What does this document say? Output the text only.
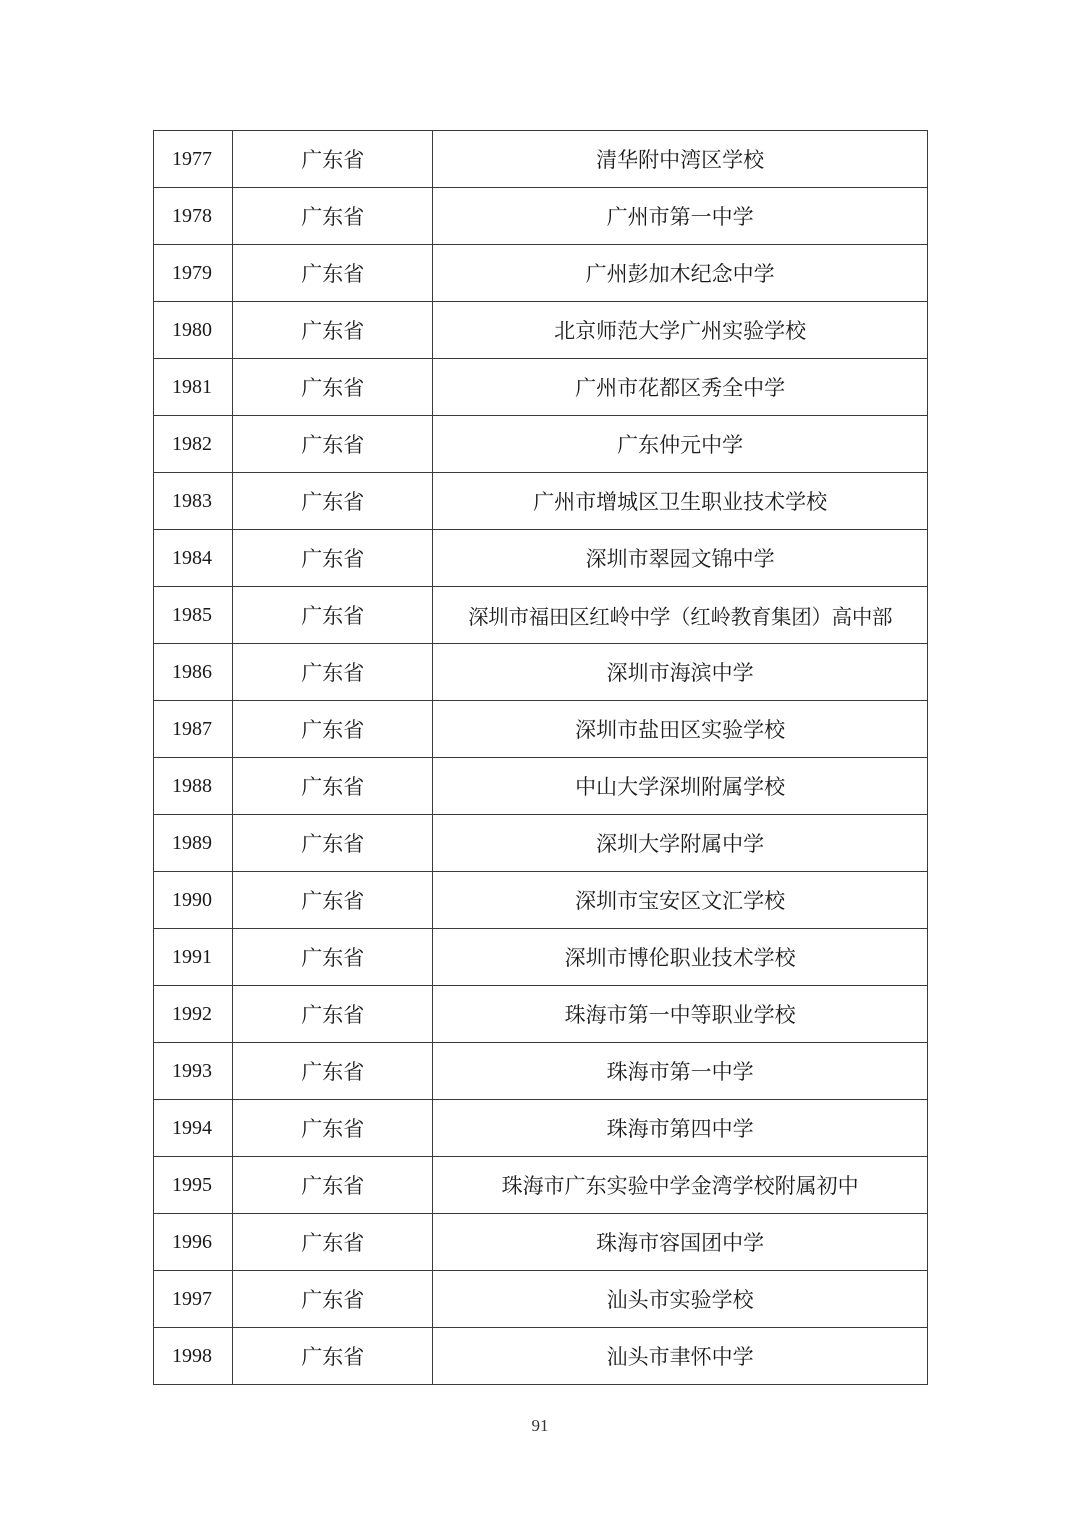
1977	广东省	清华附中湾区学校
1978	广东省	广州市第一中学
1979	广东省	广州彭加木纪念中学
1980	广东省	北京师范大学广州实验学校
1981	广东省	广州市花都区秀全中学
1982	广东省	广东仲元中学
1983	广东省	广州市增城区卫生职业技术学校
1984	广东省	深圳市翠园文锦中学
1985	广东省	深圳市福田区红岭中学（红岭教育集团）高中部
1986	广东省	深圳市海滨中学
1987	广东省	深圳市盐田区实验学校
1988	广东省	中山大学深圳附属学校
1989	广东省	深圳大学附属中学
1990	广东省	深圳市宝安区文汇学校
1991	广东省	深圳市博伦职业技术学校
1992	广东省	珠海市第一中等职业学校
1993	广东省	珠海市第一中学
1994	广东省	珠海市第四中学
1995	广东省	珠海市广东实验中学金湾学校附属初中
1996	广东省	珠海市容国团中学
1997	广东省	汕头市实验学校
1998	广东省	汕头市聿怀中学
91
